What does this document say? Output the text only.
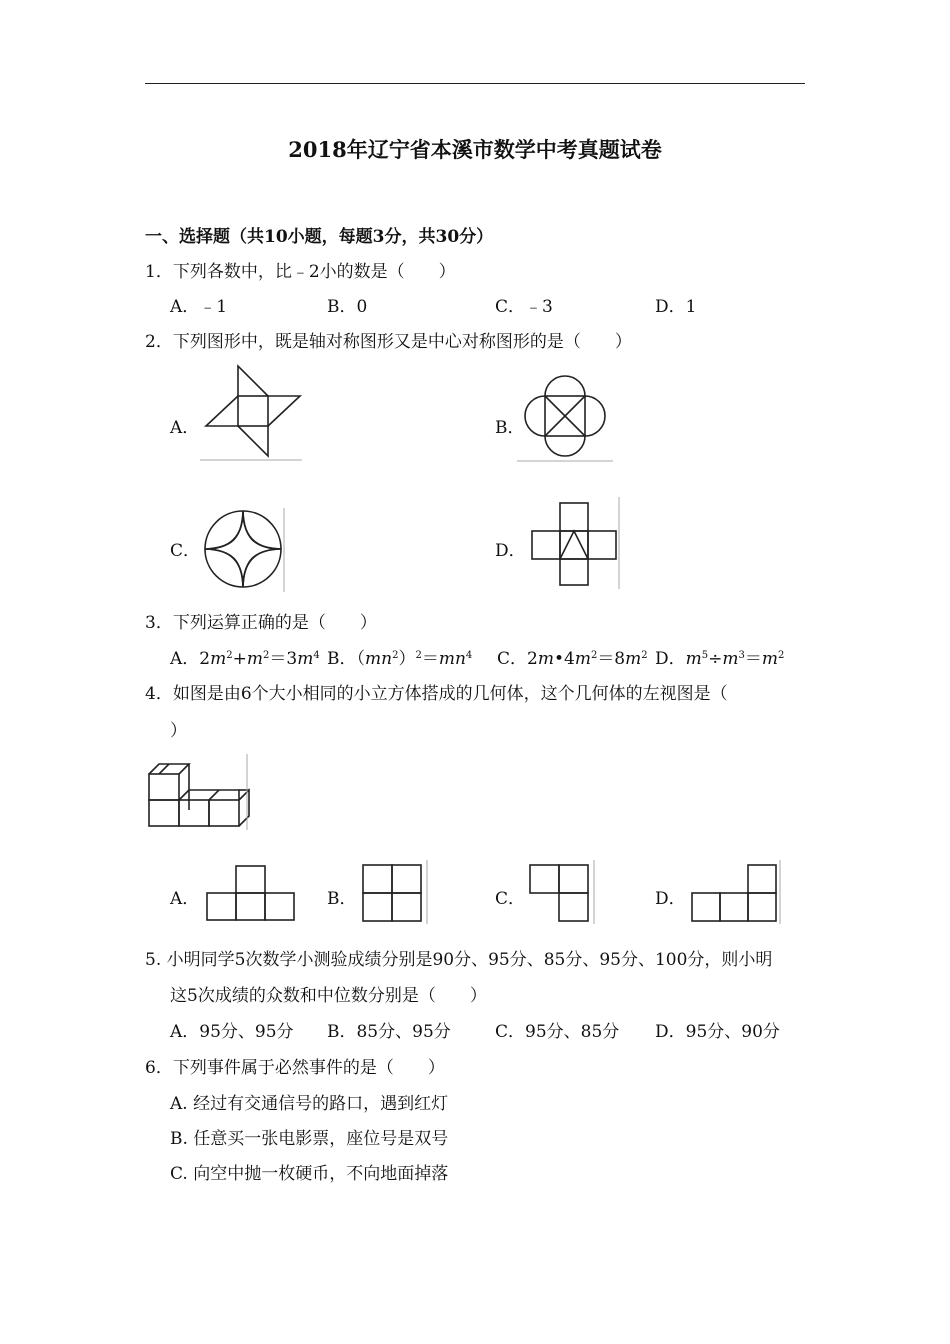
2018年辽宁省本溪市数学中考真题试卷
一、选择题（共10小题，每题3分，共30分）
1．下列各数中，比﹣2小的数是（　　）
A．﹣1	B．0	C．﹣3	D．1
2．下列图形中，既是轴对称图形又是中心对称图形的是（　　）
A．	B．
C．	D．
3．下列运算正确的是（　　）
A．$2m^2+m^2=3m^4$ B．$(mn^2)^2=mn^4$ C．$2m•4m^2=8m^2$ D．$m^5\div m^3=m^2$
4．如图是由6个大小相同的小立方体搭成的几何体，这个几何体的左视图是（
）
A．	B．	C．	D．
5. 小明同学5次数学小测验成绩分别是90分、95分、85分、95分、100分，则小明
这5次成绩的众数和中位数分别是（　　）
A．95分、95分 B．85分、95分	C．95分、85分 D．95分、90分
6．下列事件属于必然事件的是（　　）
A. 经过有交通信号的路口，遇到红灯
B. 任意买一张电影票，座位号是双号
C. 向空中抛一枚硬币，不向地面掉落
